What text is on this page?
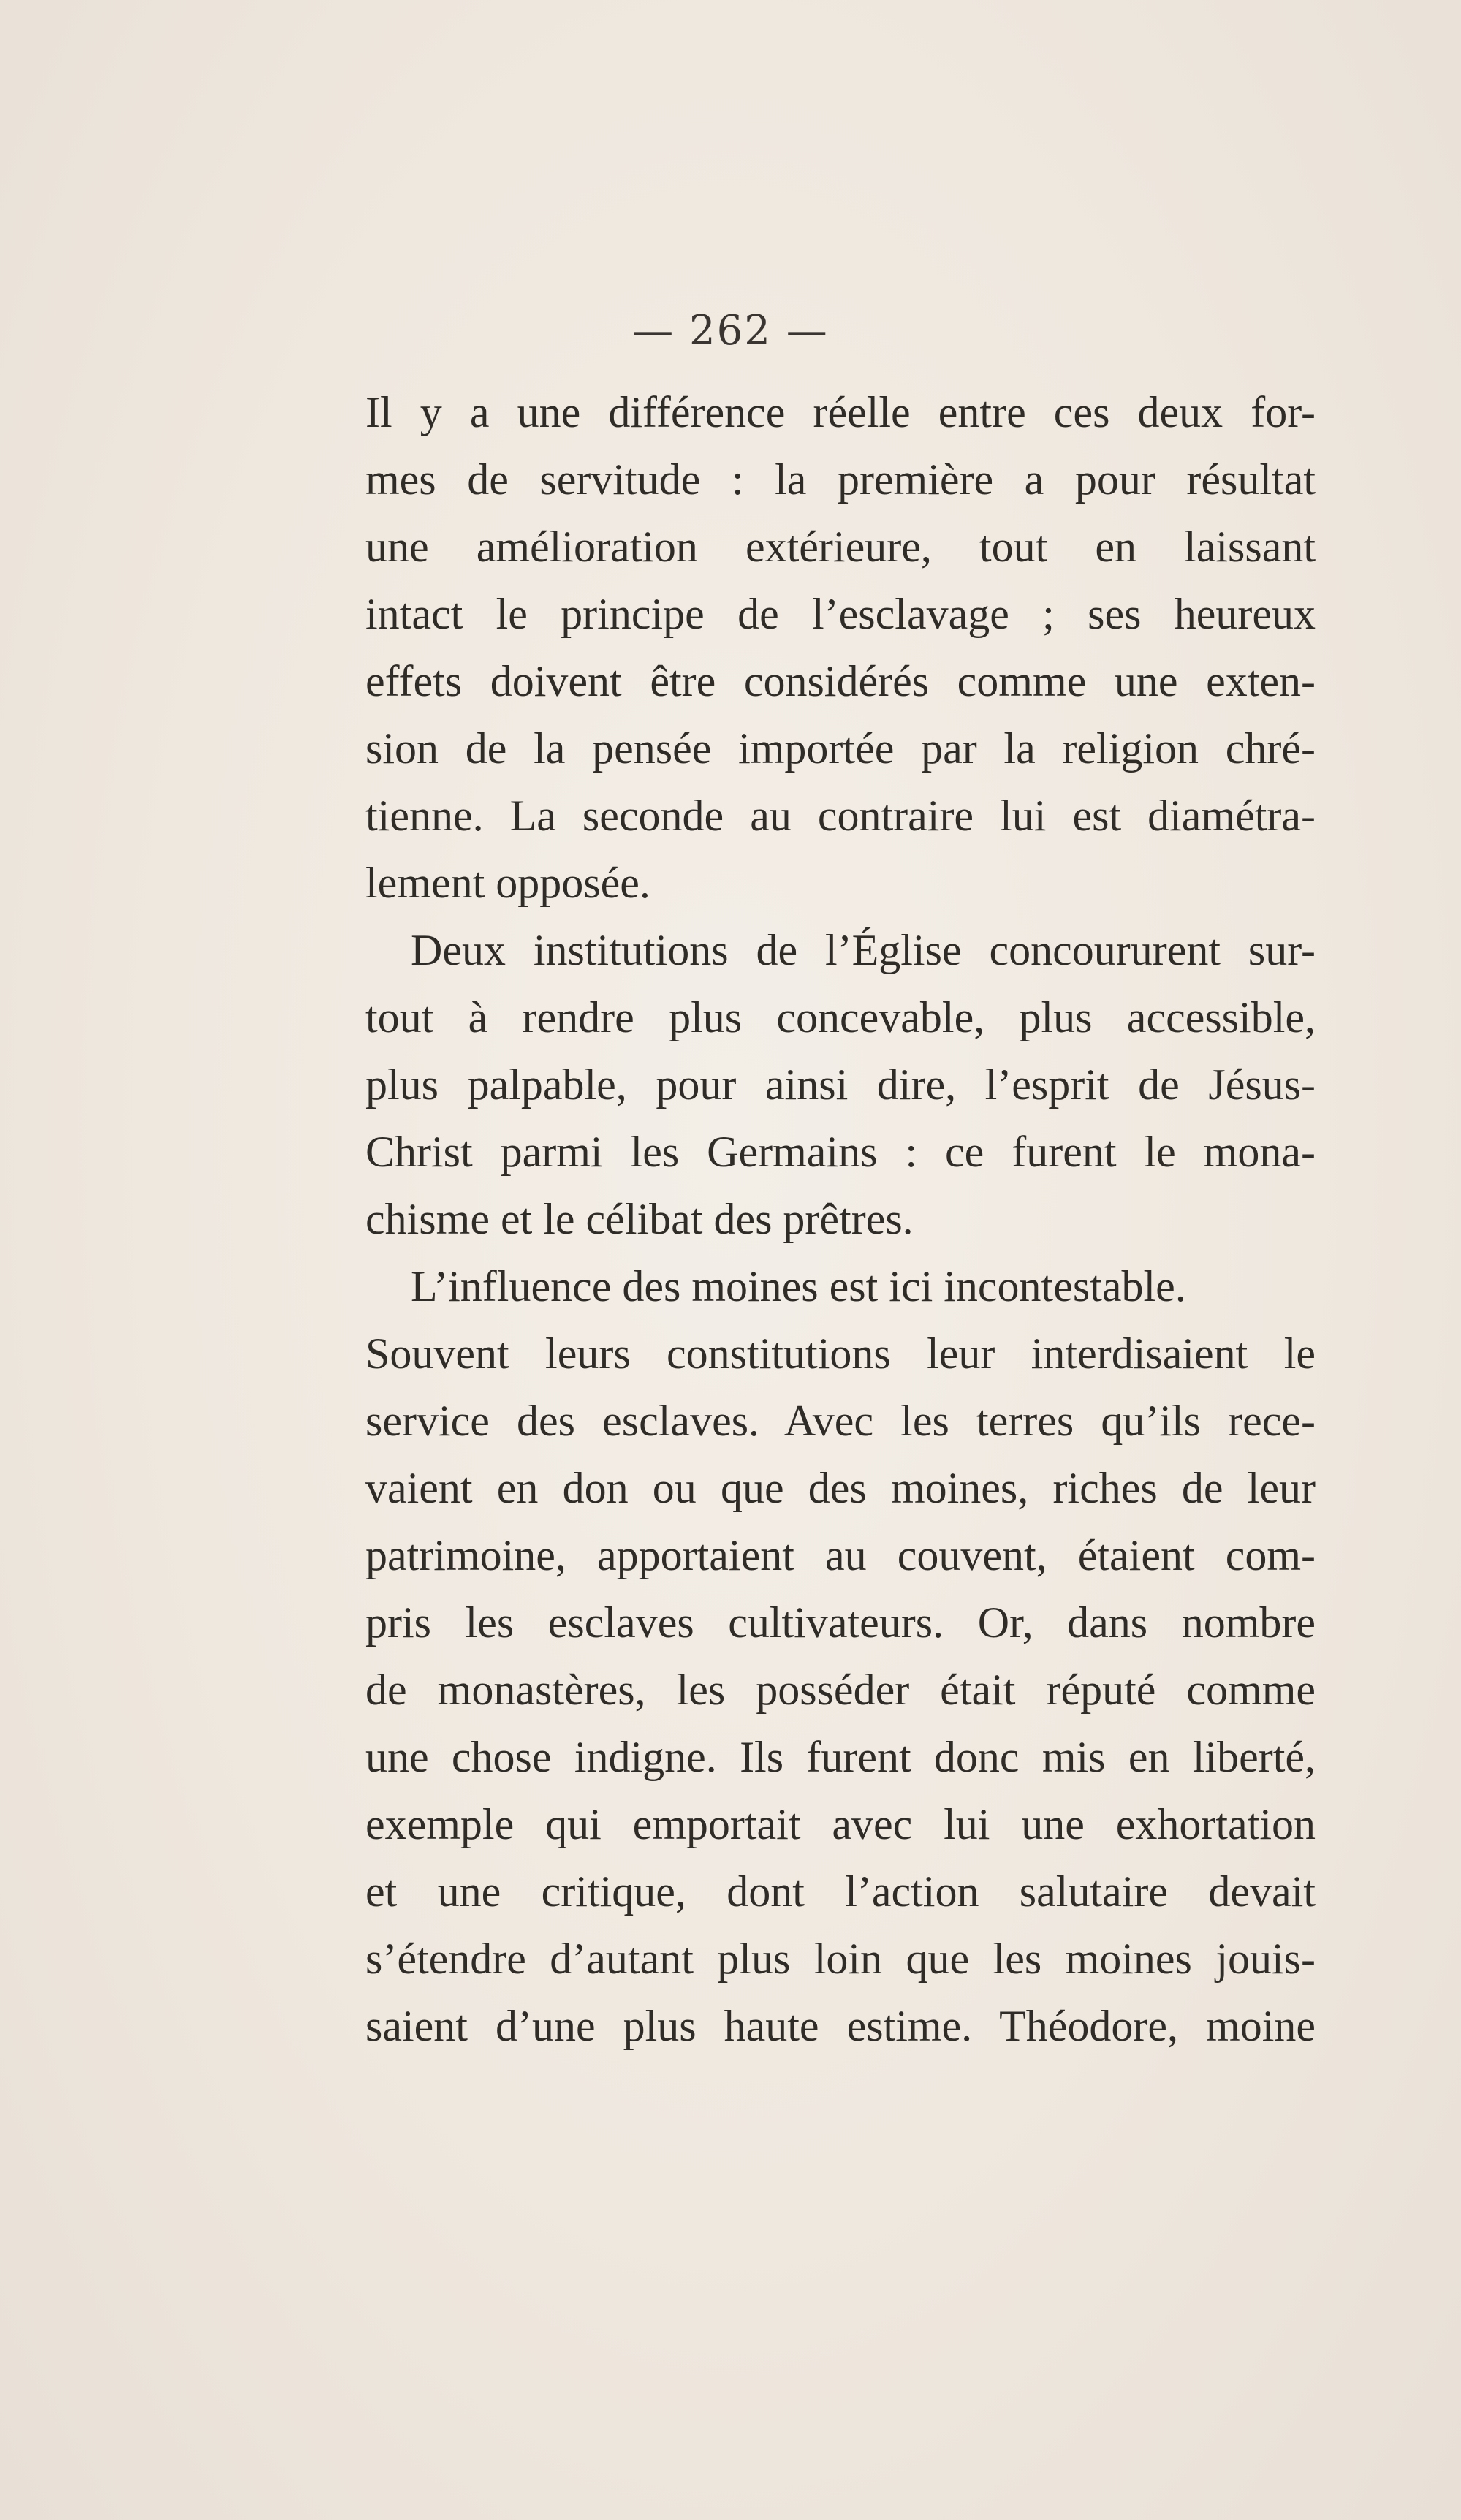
— 262 —
Il y a une différence réelle entre ces deux for-
mes de servitude : la première a pour résultat
une amélioration extérieure, tout en laissant
intact le principe de l’esclavage ; ses heureux
effets doivent être considérés comme une exten-
sion de la pensée importée par la religion chré-
tienne. La seconde au contraire lui est diamétra-
lement opposée.
Deux institutions de l’Église concoururent sur-
tout à rendre plus concevable, plus accessible,
plus palpable, pour ainsi dire, l’esprit de Jésus-
Christ parmi les Germains : ce furent le mona-
chisme et le célibat des prêtres.
L’influence des moines est ici incontestable.
Souvent leurs constitutions leur interdisaient le
service des esclaves. Avec les terres qu’ils rece-
vaient en don ou que des moines, riches de leur
patrimoine, apportaient au couvent, étaient com-
pris les esclaves cultivateurs. Or, dans nombre
de monastères, les posséder était réputé comme
une chose indigne. Ils furent donc mis en liberté,
exemple qui emportait avec lui une exhortation
et une critique, dont l’action salutaire devait
s’étendre d’autant plus loin que les moines jouis-
saient d’une plus haute estime. Théodore, moine
